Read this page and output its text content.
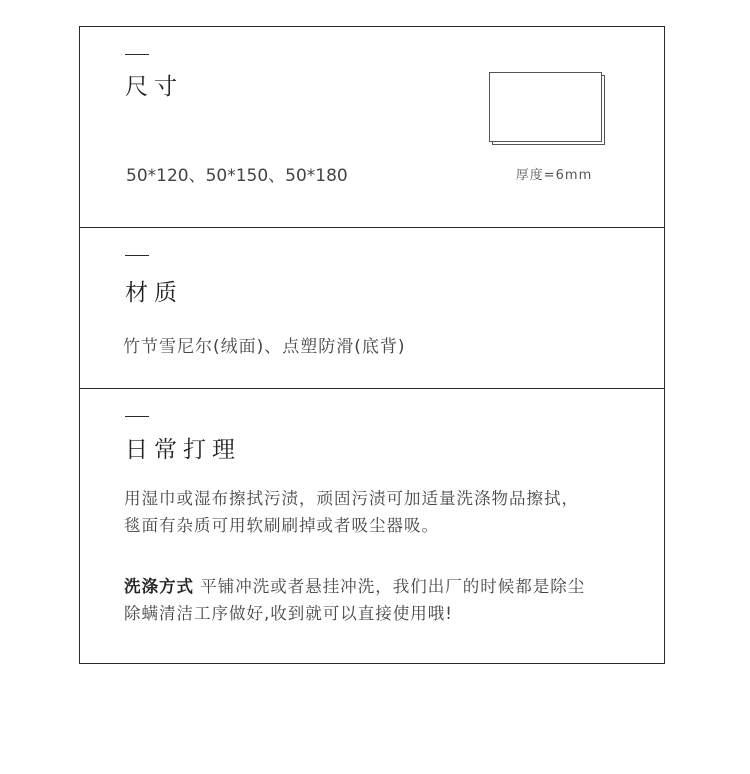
尺寸
50*120、50*150、50*180	厚度=6mm
材质
竹节雪尼尔(绒面)、点塑防滑(底背)
日常打理

用湿巾或湿布擦拭污渍，顽固污渍可加适量洗涤物品擦拭，
毯面有杂质可用软刷刷掉或者吸尘器吸。

洗涤方式 平铺冲洗或者悬挂冲洗，我们出厂的时候都是除尘
除螨清洁工序做好,收到就可以直接使用哦!
